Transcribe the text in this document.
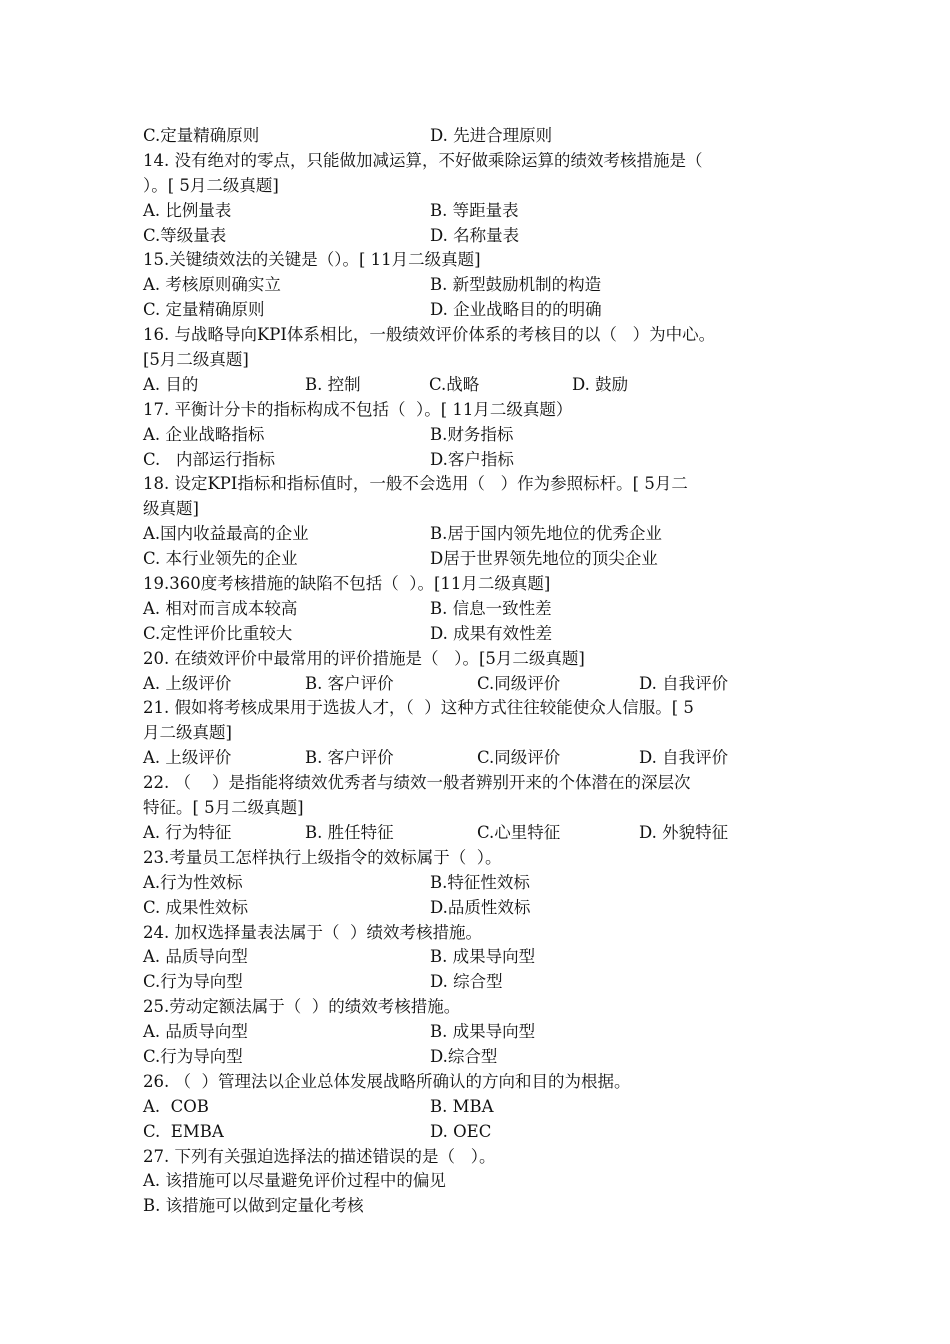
C.定量精确原则	D. 先进合理原则
14. 没有绝对的零点，只能做加减运算，不好做乘除运算的绩效考核措施是（
）。[ 5月二级真题]
A. 比例量表	B. 等距量表
C.等级量表	D. 名称量表
15.关键绩效法的关键是（）。[ 11月二级真题]
A. 考核原则确实立	B. 新型鼓励机制的构造
C. 定量精确原则	D. 企业战略目的的明确
16. 与战略导向KPI体系相比，一般绩效评价体系的考核目的以（   ）为中心。
[5月二级真题]
A. 目的	B. 控制	C.战略	D. 鼓励
17. 平衡计分卡的指标构成不包括（  ）。[ 11月二级真题）
A. 企业战略指标	B.财务指标
C.   内部运行指标	D.客户指标
18. 设定KPI指标和指标值时，一般不会选用（   ）作为参照标杆。[ 5月二
级真题]
A.国内收益最高的企业	B.居于国内领先地位的优秀企业
C. 本行业领先的企业	D居于世界领先地位的顶尖企业
19.360度考核措施的缺陷不包括（  ）。[11月二级真题]
A. 相对而言成本较高	B. 信息一致性差
C.定性评价比重较大	D. 成果有效性差
20. 在绩效评价中最常用的评价措施是（   ）。[5月二级真题]
A. 上级评价	B. 客户评价	C.同级评价	D. 自我评价
21. 假如将考核成果用于选拔人才，（  ）这种方式往往较能使众人信服。[ 5
月二级真题]
A. 上级评价	B. 客户评价	C.同级评价	D. 自我评价
22. （    ）是指能将绩效优秀者与绩效一般者辨别开来的个体潜在的深层次
特征。[ 5月二级真题]
A. 行为特征	B. 胜任特征	C.心里特征	D. 外貌特征
23.考量员工怎样执行上级指令的效标属于（  ）。
A.行为性效标	B.特征性效标
C. 成果性效标	D.品质性效标
24. 加权选择量表法属于（  ）绩效考核措施。
A. 品质导向型	B. 成果导向型
C.行为导向型	D. 综合型
25.劳动定额法属于（  ）的绩效考核措施。
A. 品质导向型	B. 成果导向型
C.行为导向型	D.综合型
26. （  ）管理法以企业总体发展战略所确认的方向和目的为根据。
A.  COB	B. MBA
C.  EMBA	D. OEC
27. 下列有关强迫选择法的描述错误的是（   ）。
A. 该措施可以尽量避免评价过程中的偏见
B. 该措施可以做到定量化考核
